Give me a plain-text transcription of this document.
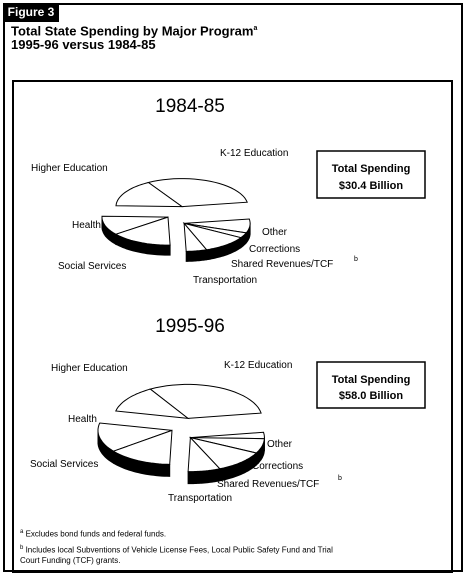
Figure 3
Total State Spending by Major Program$^a$
1995-96 versus 1984-85
1984-85
Total Spending
$30.4 Billion
K-12 Education
Higher Education
Health
Social Services
Other
Corrections
Shared Revenues/TCF	b
Transportation
1995-96
Total Spending
$58.0 Billion
K-12 Education
Higher Education
Health
Social Services
Other
Corrections
Shared Revenues/TCF
b
Transportation
$^a$ Excludes bond funds and federal funds.
$^b$ Includes local Subventions of Vehicle License Fees, Local Public Safety Fund and Trial Court Funding (TCF) grants.
